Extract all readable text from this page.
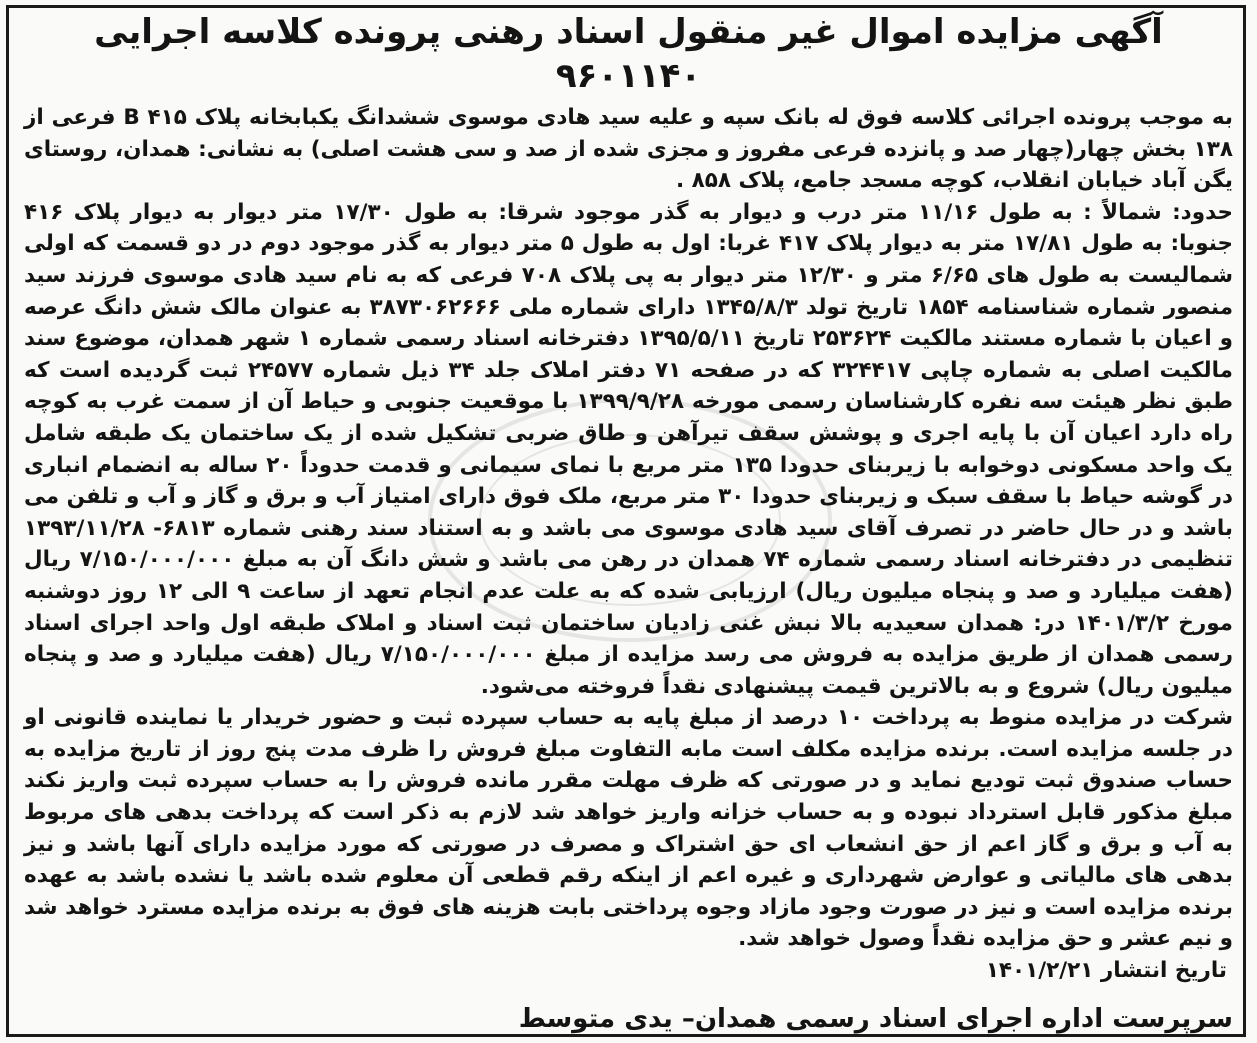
آگهی مزایده اموال غیر منقول اسناد رهنی پرونده کلاسه اجرایی ۹۶۰۱۱۴۰

به موجب پرونده اجرائی کلاسه فوق له بانک سپه و علیه سید هادی موسوی ششدانگ یکبابخانه پلاک B ۴۱۵ فرعی از ۱۳۸ بخش چهار(چهار صد و پانزده فرعی مفروز و مجزی شده از صد و سی هشت اصلی) به نشانی: همدان، روستای یگن آباد خیابان انقلاب، کوچه مسجد جامع، پلاک ۸۵۸ .

حدود: شمالاً : به طول ۱۱/۱۶ متر درب و دیوار به گذر موجود شرقا: به طول ۱۷/۳۰ متر دیوار به دیوار پلاک ۴۱۶ جنوبا: به طول ۱۷/۸۱ متر به دیوار پلاک ۴۱۷ غربا: اول به طول ۵ متر دیوار به گذر موجود دوم در دو قسمت که اولی شمالیست به طول های ۶/۶۵ متر و ۱۲/۳۰ متر دیوار به پی پلاک ۷۰۸ فرعی که به نام سید هادی موسوی فرزند سید منصور شماره شناسنامه ۱۸۵۴ تاریخ تولد ۱۳۴۵/۸/۳ دارای شماره ملی ۳۸۷۳۰۶۲۶۶۶ به عنوان مالک شش دانگ عرصه و اعیان با شماره مستند مالکیت ۲۵۳۶۲۴ تاریخ ۱۳۹۵/۵/۱۱ دفترخانه اسناد رسمی شماره ۱ شهر همدان، موضوع سند مالکیت اصلی به شماره چاپی ۳۲۴۴۱۷ که در صفحه ۷۱ دفتر املاک جلد ۳۴ ذیل شماره ۲۴۵۷۷ ثبت گردیده است که طبق نظر هیئت سه نفره کارشناسان رسمی مورخه ۱۳۹۹/۹/۲۸ با موقعیت جنوبی و حیاط آن از سمت غرب به کوچه راه دارد اعیان آن با پایه اجری و پوشش سقف تیرآهن و طاق ضربی تشکیل شده از یک ساختمان یک طبقه شامل یک واحد مسکونی دوخوابه با زیربنای حدودا ۱۳۵ متر مربع با نمای سیمانی و قدمت حدوداً ۲۰ ساله به انضمام انباری در گوشه حیاط با سقف سبک و زیربنای حدودا ۳۰ متر مربع، ملک فوق دارای امتیاز آب و برق و گاز و آب و تلفن می باشد و در حال حاضر در تصرف آقای سید هادی موسوی می باشد و به استناد سند رهنی شماره ۶۸۱۳- ۱۳۹۳/۱۱/۲۸ تنظیمی در دفترخانه اسناد رسمی شماره ۷۴ همدان در رهن می باشد و شش دانگ آن به مبلغ ۷/۱۵۰/۰۰۰/۰۰۰ ریال (هفت میلیارد و صد و پنجاه میلیون ریال) ارزیابی شده که به علت عدم انجام تعهد از ساعت ۹ الی ۱۲ روز دوشنبه مورخ ۱۴۰۱/۳/۲ در: همدان سعیدیه بالا نبش غنی زادیان ساختمان ثبت اسناد و املاک طبقه اول واحد اجرای اسناد رسمی همدان از طریق مزایده به فروش می رسد مزایده از مبلغ ۷/۱۵۰/۰۰۰/۰۰۰ ریال (هفت میلیارد و صد و پنجاه میلیون ریال) شروع و به بالاترین قیمت پیشنهادی نقداً فروخته می‌شود.

شرکت در مزایده منوط به پرداخت ۱۰ درصد از مبلغ پایه به حساب سپرده ثبت و حضور خریدار یا نماینده قانونی او در جلسه مزایده است. برنده مزایده مکلف است مابه التفاوت مبلغ فروش را ظرف مدت پنج روز از تاریخ مزایده به حساب صندوق ثبت تودیع نماید و در صورتی که ظرف مهلت مقرر مانده فروش را به حساب سپرده ثبت واریز نکند مبلغ مذکور قابل استرداد نبوده و به حساب خزانه واریز خواهد شد لازم به ذکر است که پرداخت بدهی های مربوط به آب و برق و گاز اعم از حق انشعاب ای حق اشتراک و مصرف در صورتی که مورد مزایده دارای آنها باشد و نیز بدهی های مالیاتی و عوارض شهرداری و غیره اعم از اینکه رقم قطعی آن معلوم شده باشد یا نشده باشد به عهده برنده مزایده است و نیز در صورت وجود مازاد وجوه پرداختی بابت هزینه های فوق به برنده مزایده مسترد خواهد شد و نیم عشر و حق مزایده نقداً وصول خواهد شد.

تاریخ انتشار ۱۴۰۱/۲/۲۱

سرپرست اداره اجرای اسناد رسمی همدان– یدی متوسط
